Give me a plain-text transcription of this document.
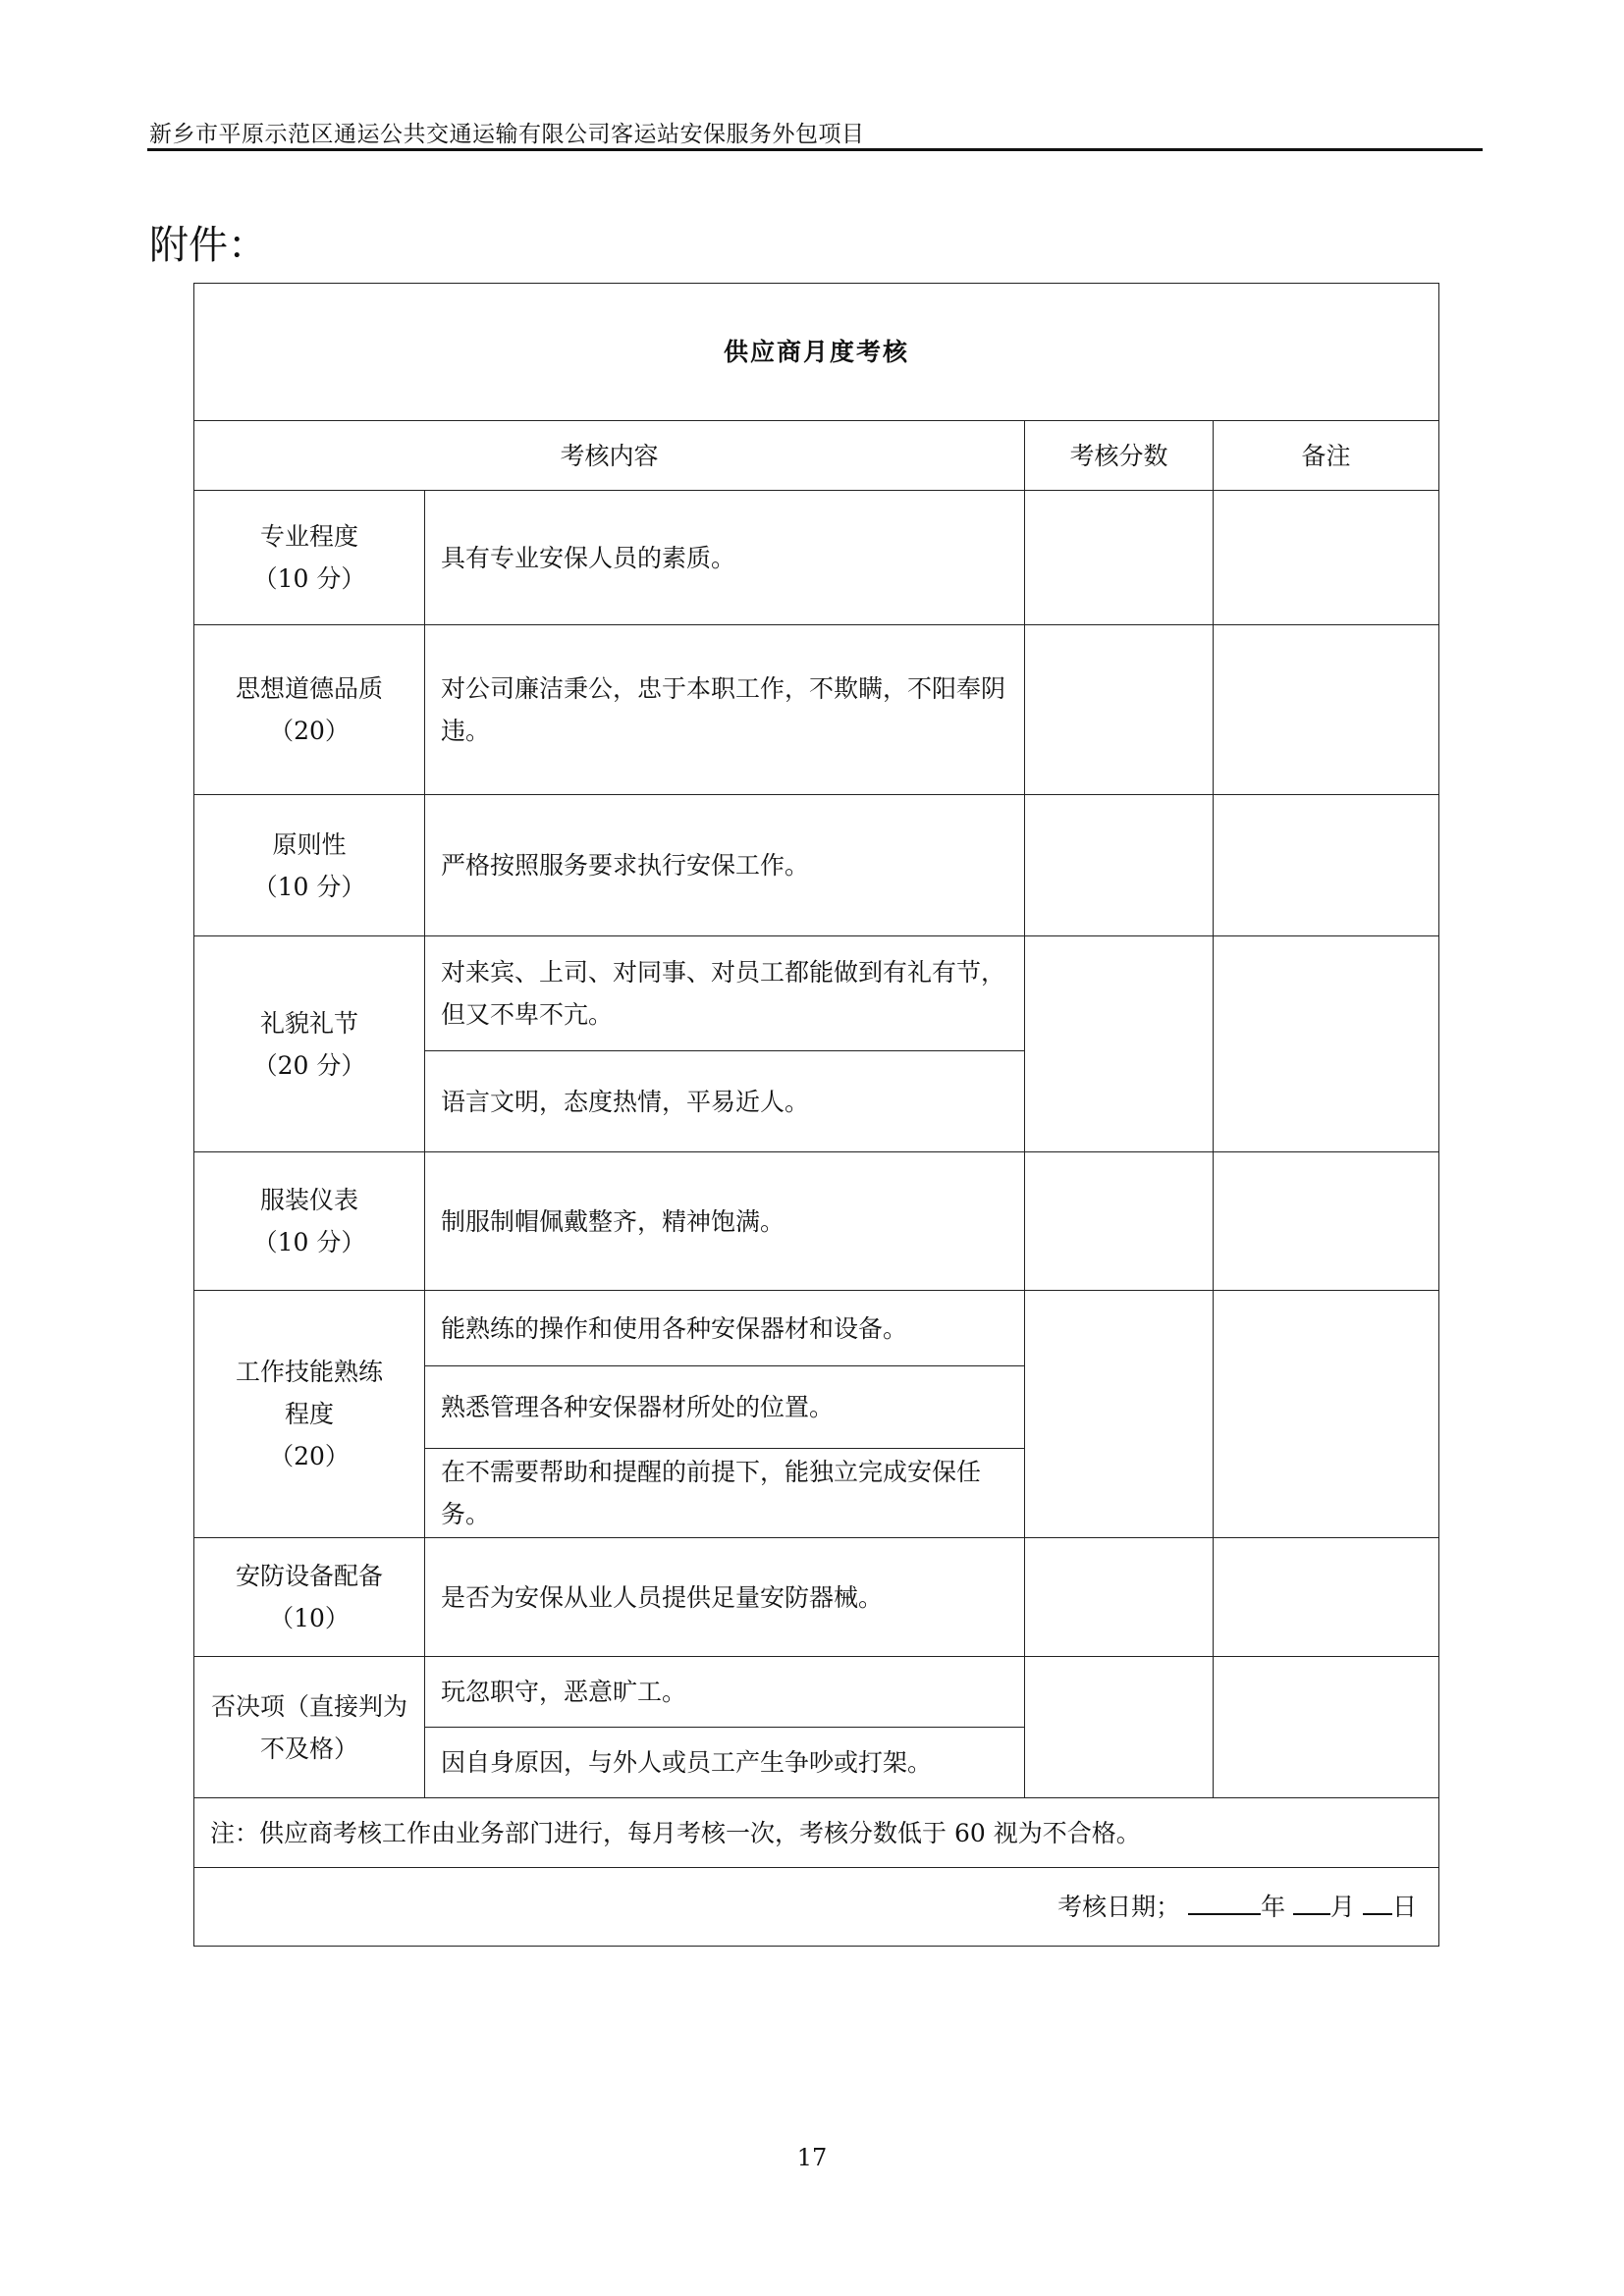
新乡市平原示范区通运公共交通运输有限公司客运站安保服务外包项目
附件：
供应商月度考核			
考核内容		考核分数	备注

专业程度
（10 分）	具有专业安保人员的素质。		

思想道德品质
（20）	对公司廉洁秉公，忠于本职工作，不欺瞒，不阳奉阴违。		

原则性
（10 分）	严格按照服务要求执行安保工作。		

礼貌礼节
（20 分）	对来宾、上司、对同事、对员工都能做到有礼有节，但又不卑不亢。		
	语言文明，态度热情，平易近人。		

服装仪表
（10 分）	制服制帽佩戴整齐，精神饱满。		

工作技能熟练程度
（20）	能熟练的操作和使用各种安保器材和设备。		
	熟悉管理各种安保器材所处的位置。		
	在不需要帮助和提醒的前提下，能独立完成安保任务。		

安防设备配备
（10）	是否为安保从业人员提供足量安防器械。		

否决项（直接判为不及格）	玩忽职守，恶意旷工。		
	因自身原因，与外人或员工产生争吵或打架。		
注：供应商考核工作由业务部门进行，每月考核一次，考核分数低于 60 视为不合格。			
考核日期； 年 月 日			
17
